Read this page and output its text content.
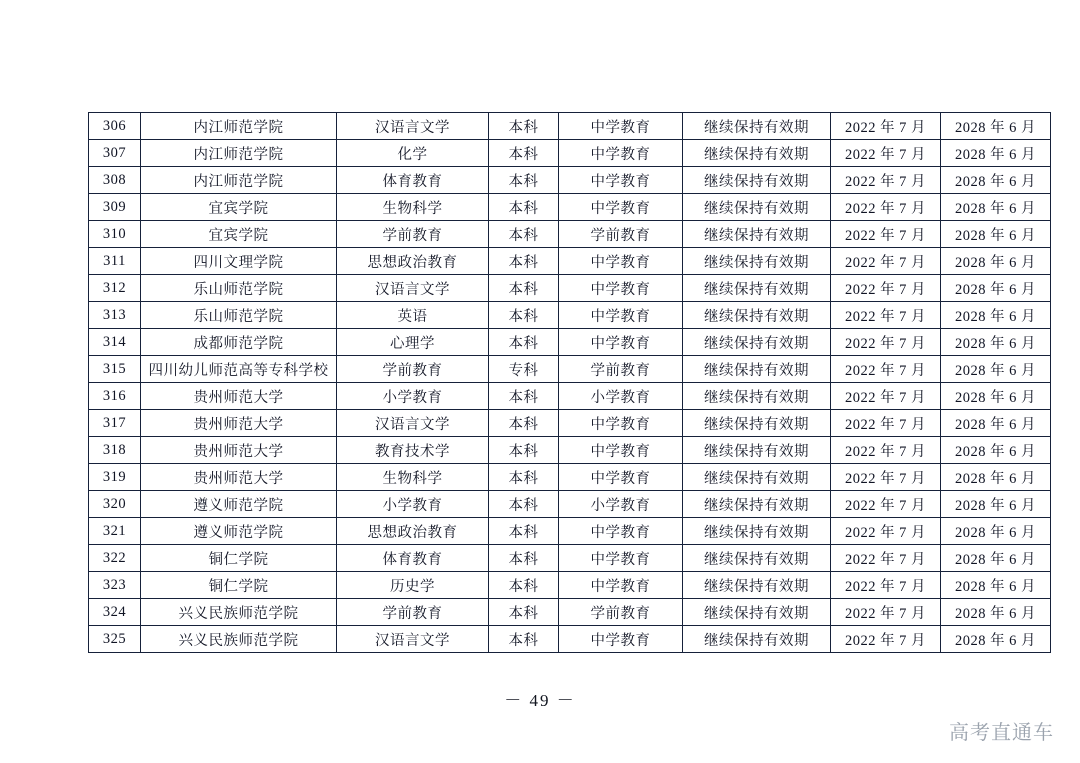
306	内江师范学院	汉语言文学	本科	中学教育	继续保持有效期	2022 年 7 月	2028 年 6 月
307	内江师范学院	化学	本科	中学教育	继续保持有效期	2022 年 7 月	2028 年 6 月
308	内江师范学院	体育教育	本科	中学教育	继续保持有效期	2022 年 7 月	2028 年 6 月
309	宜宾学院	生物科学	本科	中学教育	继续保持有效期	2022 年 7 月	2028 年 6 月
310	宜宾学院	学前教育	本科	学前教育	继续保持有效期	2022 年 7 月	2028 年 6 月
311	四川文理学院	思想政治教育	本科	中学教育	继续保持有效期	2022 年 7 月	2028 年 6 月
312	乐山师范学院	汉语言文学	本科	中学教育	继续保持有效期	2022 年 7 月	2028 年 6 月
313	乐山师范学院	英语	本科	中学教育	继续保持有效期	2022 年 7 月	2028 年 6 月
314	成都师范学院	心理学	本科	中学教育	继续保持有效期	2022 年 7 月	2028 年 6 月
315	四川幼儿师范高等专科学校	学前教育	专科	学前教育	继续保持有效期	2022 年 7 月	2028 年 6 月
316	贵州师范大学	小学教育	本科	小学教育	继续保持有效期	2022 年 7 月	2028 年 6 月
317	贵州师范大学	汉语言文学	本科	中学教育	继续保持有效期	2022 年 7 月	2028 年 6 月
318	贵州师范大学	教育技术学	本科	中学教育	继续保持有效期	2022 年 7 月	2028 年 6 月
319	贵州师范大学	生物科学	本科	中学教育	继续保持有效期	2022 年 7 月	2028 年 6 月
320	遵义师范学院	小学教育	本科	小学教育	继续保持有效期	2022 年 7 月	2028 年 6 月
321	遵义师范学院	思想政治教育	本科	中学教育	继续保持有效期	2022 年 7 月	2028 年 6 月
322	铜仁学院	体育教育	本科	中学教育	继续保持有效期	2022 年 7 月	2028 年 6 月
323	铜仁学院	历史学	本科	中学教育	继续保持有效期	2022 年 7 月	2028 年 6 月
324	兴义民族师范学院	学前教育	本科	学前教育	继续保持有效期	2022 年 7 月	2028 年 6 月
325	兴义民族师范学院	汉语言文学	本科	中学教育	继续保持有效期	2022 年 7 月	2028 年 6 月
－ 49 －
高考直通车
